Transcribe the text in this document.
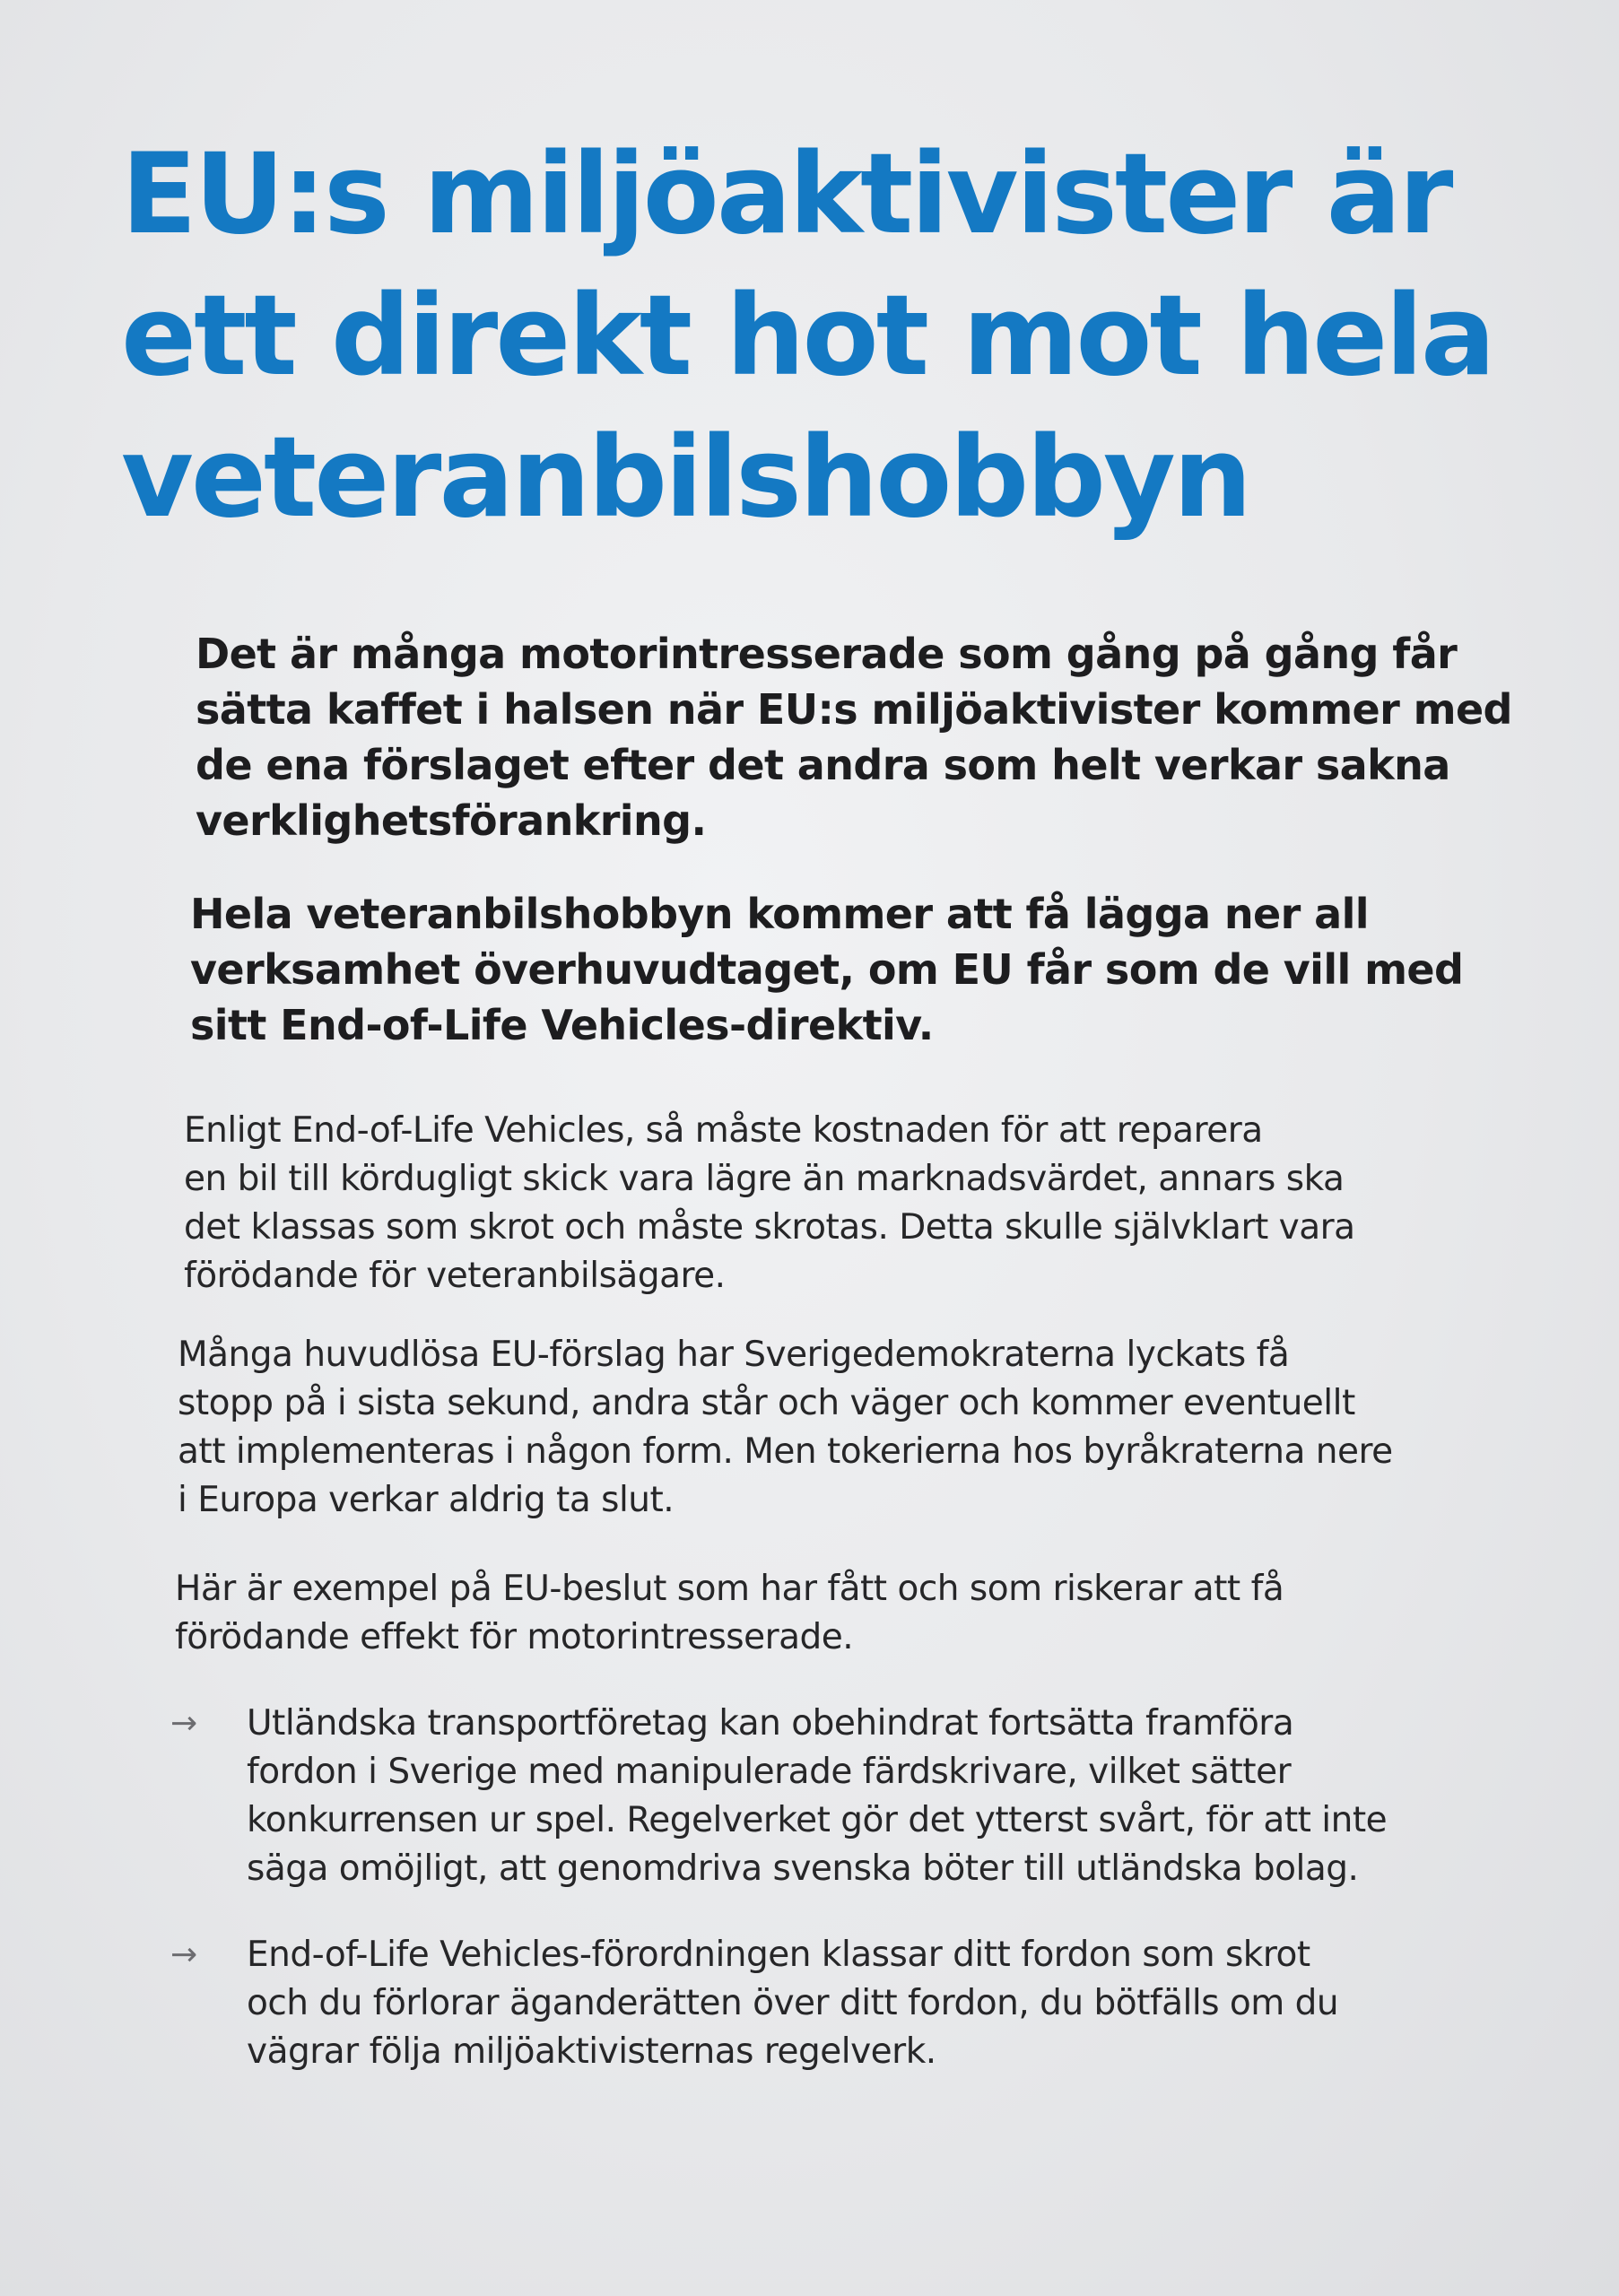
EU:s miljöaktivister är
ett direkt hot mot hela
veteranbilshobbyn

Det är många motorintresserade som gång på gång får
sätta kaffet i halsen när EU:s miljöaktivister kommer med
de ena förslaget efter det andra som helt verkar sakna
verklighetsförankring.

Hela veteranbilshobbyn kommer att få lägga ner all
verksamhet överhuvudtaget, om EU får som de vill med
sitt End-of-Life Vehicles-direktiv.

Enligt End-of-Life Vehicles, så måste kostnaden för att reparera
en bil till kördugligt skick vara lägre än marknadsvärdet, annars ska
det klassas som skrot och måste skrotas. Detta skulle självklart vara
förödande för veteranbilsägare.

Många huvudlösa EU-förslag har Sverigedemokraterna lyckats få
stopp på i sista sekund, andra står och väger och kommer eventuellt
att implementeras i någon form. Men tokerierna hos byråkraterna nere
i Europa verkar aldrig ta slut.

Här är exempel på EU-beslut som har fått och som riskerar att få
förödande effekt för motorintresserade.

→	Utländska transportföretag kan obehindrat fortsätta framföra
fordon i Sverige med manipulerade färdskrivare, vilket sätter
konkurrensen ur spel. Regelverket gör det ytterst svårt, för att inte
säga omöjligt, att genomdriva svenska böter till utländska bolag.

→	End-of-Life Vehicles-förordningen klassar ditt fordon som skrot
och du förlorar äganderätten över ditt fordon, du bötfälls om du
vägrar följa miljöaktivisternas regelverk.
